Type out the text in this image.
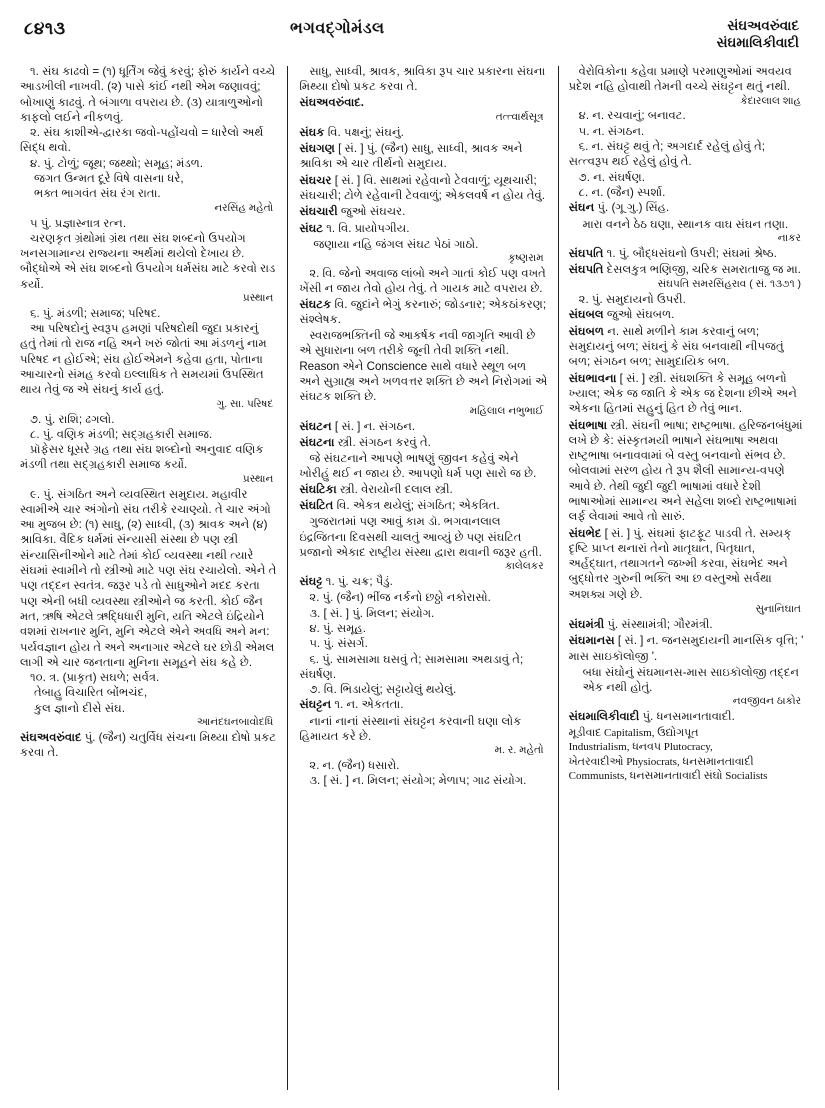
૮૪૧૩	ભગવદ્ગોમંડલ	સંઘઅવરુંવાદ
સંઘમાલિકીવાદી

૧. સંઘ કાઢવો = (૧) ધૂર્તિંગ જેવું કરવું; ફોરું કાર્યને વચ્ચે આડખીલી નાખવી. (૨) પાસે કાંઈ નથી એમ જણાવવું; બોખાણું કાઢવું. તે બંગાળા વપરાય છે. (૩) યાત્રાળુઓનો કાફલો લઈને નીકળવું.

૨. સંઘ કાશીએ-દ્વારકા જવો-પહોંચવો = ધારેલો અર્થ સિદ્ધ થવો.

૪. પું. ટોળું; જૂથ; જથ્થો; સમૂહ; મંડળ.

જગત ઉન્મત દૂરે વિષે વાસના ધરે,

ભક્ત ભાગવંત સંઘ રંગ રાતા.

નરસિંહ મહેતો

૫ પું. પ્રજ્ઞાસ્નાત્ર રત્ન.

ચરણકૃત ગ્રંથોમાં ગ્રંથ તથા સંઘ શબ્દનો ઉપયોગ ખનસગામાન્ય રાજ્યના અર્થમાં થયેલો દેખાય છે. બૌદ્ધોએ એ સંઘ શબ્દનો ઉપયોગ ધર્મસંઘ માટે કરવો રાડ કર્યો.

પ્રસ્થાન

૬. પું. મંડળી; સમાજ; પરિષદ.

આ પરિષદોનું સ્વરૂપ હમણાં પરિષદોથી જુદા પ્રકારનું હતું તેમાં તો રાજ નહિ અને ખરું જોતાં આ મંડળનું નામ પરિષદ ન હોઈએ; સંઘ હોઈએમને કહેવા હતા, પોતાના આચારનો સંમહ કરવો ઇલ્લાધિક તે સમયમાં ઉપસ્થિત થાય તેવું જ એ સંઘનું કાર્ય હતું.

ગુ. સા. પરિષદ

૭. પું. રાશિ; ઢગલો.

૮. પું. વણિક મંડળી; સદ્ગ્રહકારી સમાજ.

પ્રૉફેસર ધૂસરે ગ્રહ તથા સંઘ શબ્દોનો અનુવાદ વણિક મંડળી તથા સદ્ગ્રહકારી સમાજ કર્યો.

પ્રસ્થાન

૯. પું. સંગઠિત અને વ્યવસ્થિત સમુદાય. મહાવીર સ્વામીએ ચાર અંગોનો સંઘ તરીકે રચાણ્યો. તે ચાર અંગો આ મુજબ છે: (૧) સાધુ, (૨) સાધ્વી, (૩) શ્રાવક અને (૪) શ્રાવિકા. વૈદિક ધર્મમાં સંન્યાસી સંસ્થા છે પણ સ્ત્રી સંન્યાસિનીઓને માટે તેમાં કોઈ વ્યવસ્થા નથી ત્યારે સંઘમાં સ્વામીને તો સ્ત્રીઓ માટે પણ સંઘ રચાયેલો. એને તે પણ તદ્દન સ્વતંત્ર. જરૂર પડે તો સાધુઓને મદદ કરતા પણ એની બધી વ્યવસ્થા સ્ત્રીઓને જ કરતી. કોઈ જૈન મત, ઋષિ એટલે ઋદ્ધિધારી મુનિ, યતિ એટલે ઇંદ્રિયોને વશમાં રાખનાર મુનિ, મુનિ એટલે એને અવધિ અને મન: પર્યવજ્ઞાન હોય તે અને અનાગાર એટલે ઘર છોડી એમલ લાગી એ ચાર જનતાના મુનિના સમૂહને સંઘ કહે છે.

૧૦. ત્ર. (પ્રાકૃત) સઘળે; સર્વત્ર.

તેબાહુ વિચારિત બોંભચંદ,

કુલ જ્ઞાનો દીસે સંઘ.

આનંદઘનબાવોદધિ

સંઘઅવરુંવાદ પું. (જૈન) ચતુર્વિધ સંચના મિથ્યા દોષો પ્રકટ કરવા તે.

સાધુ, સાધ્વી, શ્રાવક, શ્રાવિકા રૂપ ચાર પ્રકારના સંઘના મિથ્યા દોષો પ્રકટ કરવા તે.

સંઘઅવરુંવાદ.

તત્ત્વાર્થસૂત્ર

સંઘક વિ. પક્ષનું; સંઘનું.

સંઘગણ [ સં. ] પું. (જૈન) સાધુ, સાધ્વી, શ્રાવક અને શ્રાવિકા એ ચાર તીર્થનો સમુદાય.

સંઘચર [ સં. ] વિ. સાથમાં રહેવાનો ટેવવાળું; યૂથચારી; સંઘચારી; ટોળે રહેવાની ટેવવાળું; એકલવર્ષ ન હોય તેવું.

સંઘચારી જુઓ સંઘચર.

સંઘટ ૧. વિ. પ્રાયોપગીય.

જણાયા નહિ જંગલ સંઘટ પેઠાં ગાઠો.

કૃષ્ણરામ

૨. વિ. જેનો અવાજ લાંબો અને ગાતાં કોઈ પણ વખતે ખેંસી ન જાય તેવો હોય તેવું. તે ગાયક માટે વપરાય છે.

સંઘટક વિ. જુદાંને ભેગું કરનારું; જોડનાર; એકઠાંકરણ; સંશ્લેષક.

સ્વરાજભક્તિની જે આકર્ષક નવી જાગૃતિ આવી છે એ સુધારાના બળ તરીકે જૂની તેવી શક્તિ નથી. Reason એને Conscience સાથે વધારે સ્થૂળ બળ અને સુગ્રાહ્ય અને ખળવત્તર શક્તિ છે અને નિરોગમાં એ સંઘટક શક્તિ છે.

મહિલાલ નભુભાઈ

સંઘટન [ સં. ] ન. સંગઠન.

સંઘટના સ્ત્રી. સંગઠન કરવું તે.

જે સંઘટનાને આપણે ભાષણું જીવન કહેવું એને ખોરીહું થઈ ન જાય છે. આપણો ધર્મ પણ સારો જ છે.

સંઘટિકા સ્ત્રી. વેરાયોની દલાલ સ્ત્રી.

સંઘટિત વિ. એકત્ર થયેલું; સંગઠિત; એકત્રિત.

ગુજરાતમાં પણ આવું કામ ડૉ. ભગવાનલાલ ઇંદ્રજિતના દિવસથી ચાલતું આવ્યું છે પણ સંઘટિત પ્રજાનો એકાદ રાષ્ટ્રીય સંસ્થા દ્વારા થવાની જરૂર હતી.

કાલેલકર

સંઘટ્ટ ૧. પું. ચક્ર; પૈડું.

૨. પું. (જૈન) ભીંજ નર્કનો છઠ્ઠો નકોરાસો.

૩. [ સં. ] પું. મિલન; સંયોગ.

૪. પું. સમૂહ.

૫. પું. સંસર્ગ.

૬. પું. સામસામા ઘસવું તે; સામસામા અથડાવું તે; સંઘર્ષણ.

૭. વિ. ભિડાયેલું; સટ્ટાયેલું થયેલું.

સંઘટ્ટન ૧. ન. એકતતા.

નાનાં નાનાં સંસ્થાનાં સંઘટ્ટન કરવાની ઘણા લોક હિમાયત કરે છે.

મ. ર. મહેતો

૨. ન. (જૈન) ધસારો.

૩. [ સં. ] ન. મિલન; સંયોગ; મેળાપ; ગાઢ સંયોગ.

વેરોવિકોના કહેવા પ્રમાણે પરમાણુઓમાં અવયવ પ્રદેશ નહિ હોવાથી તેમની વચ્ચે સંઘટ્ટન થતું નથી.

કેદારલાલ શાહ

૪. ન. રચવાનું; બનાવટ.

૫. ન. સંગઠન.

૬. ન. સંઘટ્ટ થવું તે; અગદાર્દ રહેલું હોવું તે; સત્ત્વરૂપ થઈ રહેલું હોવું તે.

૭. ન. સંઘર્ષણ.

૮. ન. (જૈન) સ્પર્શા.

સંઘન પું. (ગૂ ગુ.) સિંહ.

મારા વનને ઠેઠ ઘણા, સ્થાનક વાઘ સંઘન તણા.

નાકર

સંઘપતિ ૧. પું. બૌદ્ધસંઘનો ઉપરી; સંઘમાં શ્રેષ્ઠ.

સંઘપતિ દેસલકુત્ર ભણિજી, ચરિક સમરાતાજુ જ મા.

સંઘપતિ સમરસિંહરાવ ( સં. ૧૩૭૧ )

૨. પું. સમુદાયનો ઉપરી.

સંઘબલ જુઓ સંઘબળ.

સંઘબળ ન. સાથે મળીને કામ કરવાનું બળ; સમુદાયનું બળ; સંઘનું કે સંઘ બનવાથી નીપજતું બળ; સંગઠન બળ; સામુદાયિક બળ.

સંઘભાવના [ સં. ] સ્ત્રી. સંઘશક્તિ કે સમૂહ બળનો ખ્યાલ; એક જ જાતિ કે એક જ દેશના છીએ અને એકના હિતમાં સહુનું હિત છે તેવું ભાન.

સંઘભાષા સ્ત્રી. સંઘની ભાષા; રાષ્ટ્રભાષા. હરિજનબંધુમાં લખે છે કે: સંસ્કૃતમયી ભાષાને સંઘભાષા અથવા રાષ્ટ્રભાષા બનાવવામાં બે વસ્તુ બનવાનો સંભવ છે. બોલવામાં સરળ હોય તે રૂપ શૈલી સામાન્ય-વપણે આવે છે. તેથી જુદી જુદી ભાષામાં વધારે દેશી ભાષાઓમાં સામાન્ય અને સહેલા શબ્દો રાષ્ટ્રભાષામાં લર્ફ લેવામાં આવે તો સારું.

સંઘભેદ [ સં. ] પું. સંઘમાં ફાટફૂટ પાડવી તે. સમ્યક્ દૃષ્ટિ પ્રાપ્ત થનારાં તેનો માતૃઘાત, પિતૃઘાત, અર્હદ્ઘાત, તથાગતને જખ્મી કરવા, સંઘભેદ અને બુદ્ધોત્તર ગુરુની ભક્તિ આ છ વસ્તુઓ સર્વથા અશક્ય ગણે છે.

સુનાનિઘાત

સંઘમંત્રી પું. સંસ્થામંત્રી; ગૌરમંત્રી.

સંઘમાનસ [ સં. ] ન. જનસમુદાયની માનસિક વૃત્તિ; ' માસ સાઇકૉલોજી '.

બધા સંઘોનું સંઘમાનસ-માસ સાઇકૉલોજી તદ્દન એક નથી હોતું.

નવજીવન ઠાકોર

સંઘમાલિકીવાદી પું. ધનસમાનતાવાદી.

મૂડીવાદ Capitalism, ઉદ્યોગપૂત

Industrialism, ધનવપ Plutocracy,

ખેતરવાદીઓ Physiocrats, ધનસમાનતાવાદી

Communists, ધનસમાનતાવાદી સંઘો Socialists
